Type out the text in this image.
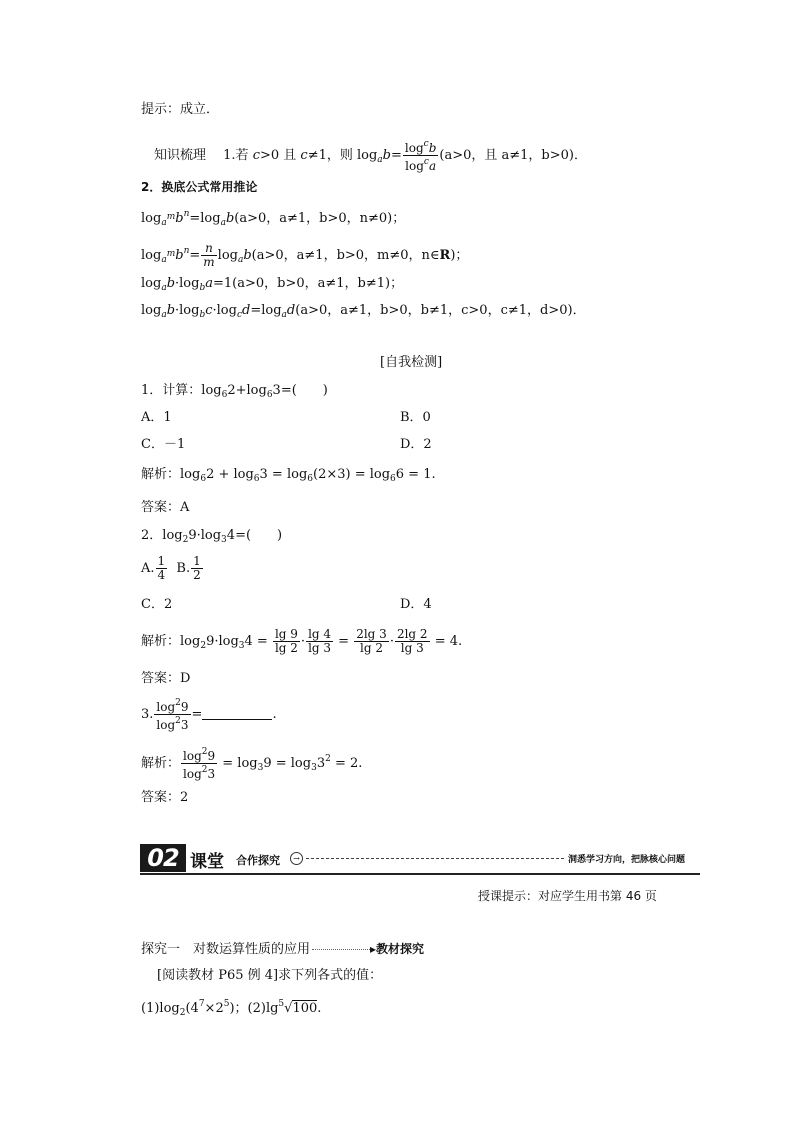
提示：成立．
知识梳理　 1.若 c>0 且 c≠1，则 $\log_ab= \frac{\log^cb}{\log^ca} (a>0$，且 a≠1，b>0)．
2．换底公式常用推论
$\log_{a^m}b^n=\log_ab(a>0$，a≠1，b>0，n≠0)；
$\log_{a^m}b^n= \frac{n}{m} \log_ab(a>0$，a≠1，b>0，m≠0，n∈R)；
$\log_ab\cdot\log_ba=1(a>0$，b>0，a≠1，b≠1)；
$\log_ab\cdot\log_bc\cdot\log_cd=\log_ad(a>0$，a≠1，b>0，b≠1，c>0，c≠1，d>0)．
[自我检测]
1．计算：$\log_62+\log_63=$(　　)
A．1	B．0
C．－1	D．2
解析：$\log_62 + \log_63 = \log_6(2\times 3) = \log_66 = 1$.
答案：A
2．$\log_29\cdot\log_34=$(　　)
A. $\frac{1}{4} B$. $\frac{1}{2}$
C．2	D．4
解析：$\log_29\cdot\log_34 = \frac{\lg 9}{\lg 2} \cdot \frac{\lg 4}{\lg 3} = \frac{2\lg 3}{\lg 2} \cdot \frac{2\lg 2}{\lg 3} = 4$.
答案：D
3. $\frac{\log^29}{\log^23}$ =	.
解析： $\frac{\log^29}{\log^23} = \log_39 = \log_33^2 = 2$.
答案：2
02 课堂 合作探究	→	洞悉学习方向，把脉核心问题
授课提示：对应学生用书第 46 页
探究一　对数运算性质的应用	▸教材探究
[阅读教材 P65 例 4]求下列各式的值：
$(1)\log_2(4^7\times 2^5)$；$(2)\lg^5√100$.
